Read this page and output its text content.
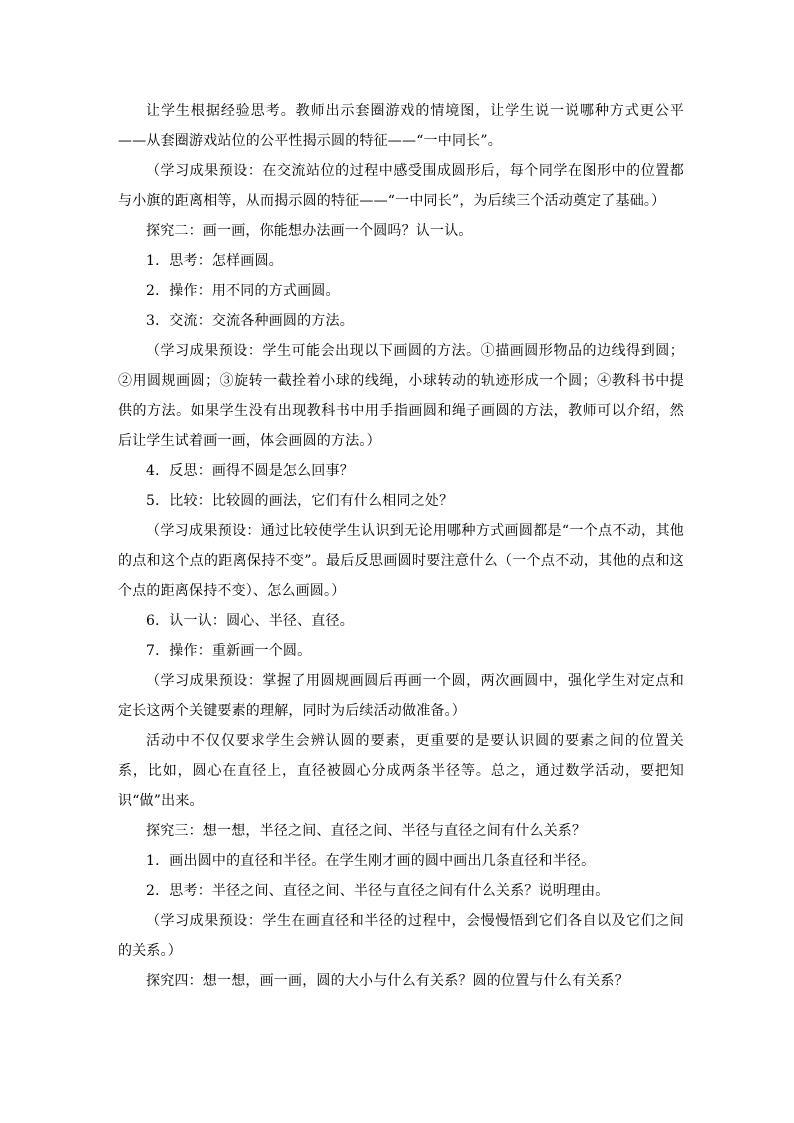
让学生根据经验思考。教师出示套圈游戏的情境图，让学生说一说哪种方式更公平——从套圈游戏站位的公平性揭示圆的特征——“一中同长”。

（学习成果预设：在交流站位的过程中感受围成圆形后，每个同学在图形中的位置都与小旗的距离相等，从而揭示圆的特征——“一中同长”，为后续三个活动奠定了基础。）

探究二：画一画，你能想办法画一个圆吗？认一认。

1．思考：怎样画圆。

2．操作：用不同的方式画圆。

3．交流：交流各种画圆的方法。

（学习成果预设：学生可能会出现以下画圆的方法。①描画圆形物品的边线得到圆；②用圆规画圆；③旋转一截拴着小球的线绳，小球转动的轨迹形成一个圆；④教科书中提供的方法。如果学生没有出现教科书中用手指画圆和绳子画圆的方法，教师可以介绍，然后让学生试着画一画，体会画圆的方法。）

4．反思：画得不圆是怎么回事？

5．比较：比较圆的画法，它们有什么相同之处？

（学习成果预设：通过比较使学生认识到无论用哪种方式画圆都是“一个点不动，其他的点和这个点的距离保持不变”。最后反思画圆时要注意什么（一个点不动，其他的点和这个点的距离保持不变）、怎么画圆。）

6．认一认：圆心、半径、直径。

7．操作：重新画一个圆。

（学习成果预设：掌握了用圆规画圆后再画一个圆，两次画圆中，强化学生对定点和定长这两个关键要素的理解，同时为后续活动做准备。）

活动中不仅仅要求学生会辨认圆的要素，更重要的是要认识圆的要素之间的位置关系，比如，圆心在直径上，直径被圆心分成两条半径等。总之，通过数学活动，要把知识“做”出来。

探究三：想一想，半径之间、直径之间、半径与直径之间有什么关系？

1．画出圆中的直径和半径。在学生刚才画的圆中画出几条直径和半径。

2．思考：半径之间、直径之间、半径与直径之间有什么关系？说明理由。

（学习成果预设：学生在画直径和半径的过程中，会慢慢悟到它们各自以及它们之间的关系。）

探究四：想一想，画一画，圆的大小与什么有关系？圆的位置与什么有关系？
